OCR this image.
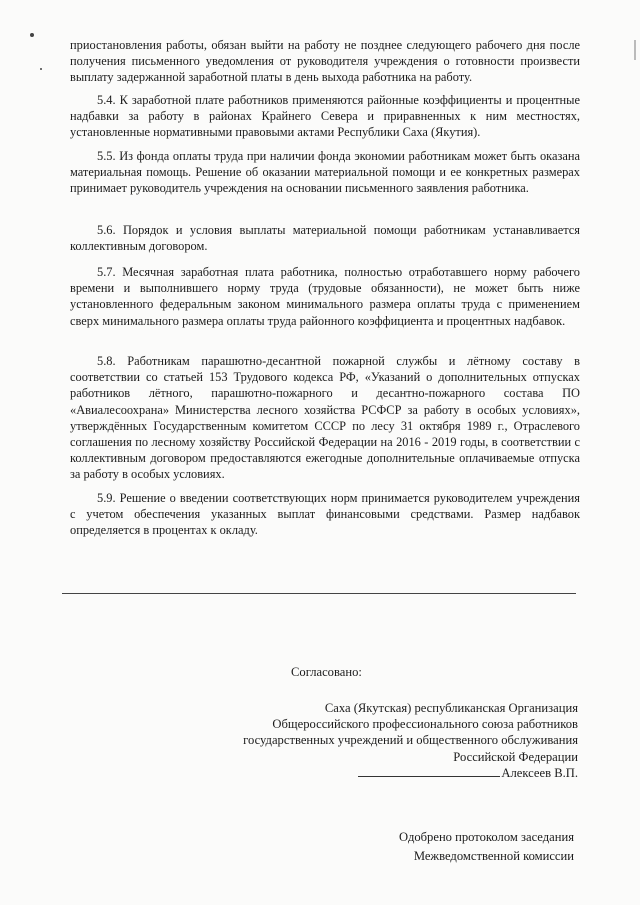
приостановления работы, обязан выйти на работу не позднее следующего рабочего дня после получения письменного уведомления от руководителя учреждения о готовности произвести выплату задержанной заработной платы в день выхода работника на работу.

5.4. К заработной плате работников применяются районные коэффициенты и процентные надбавки за работу в районах Крайнего Севера и приравненных к ним местностях, установленные нормативными правовыми актами Республики Саха (Якутия).

5.5. Из фонда оплаты труда при наличии фонда экономии работникам может быть оказана материальная помощь. Решение об оказании материальной помощи и ее конкретных размерах принимает руководитель учреждения на основании письменного заявления работника.

5.6. Порядок и условия выплаты материальной помощи работникам устанавливается коллективным договором.

5.7. Месячная заработная плата работника, полностью отработавшего норму рабочего времени и выполнившего норму труда (трудовые обязанности), не может быть ниже установленного федеральным законом минимального размера оплаты труда с применением сверх минимального размера оплаты труда районного коэффициента и процентных надбавок.

5.8. Работникам парашютно-десантной пожарной службы и лётному составу в соответствии со статьей 153 Трудового кодекса РФ, «Указаний о дополнительных отпусках работников лётного, парашютно-пожарного и десантно-пожарного состава ПО «Авиалесоохрана» Министерства лесного хозяйства РСФСР за работу в особых условиях», утверждённых Государственным комитетом СССР по лесу 31 октября 1989 г., Отраслевого соглашения по лесному хозяйству Российской Федерации на 2016 - 2019 годы, в соответствии с коллективным договором предоставляются ежегодные дополнительные оплачиваемые отпуска за работу в особых условиях.

5.9. Решение о введении соответствующих норм принимается руководителем учреждения с учетом обеспечения указанных выплат финансовыми средствами. Размер надбавок определяется в процентах к окладу.

Согласовано:
Саха (Якутская) республиканская Организация
Общероссийского профессионального союза работников
государственных учреждений и общественного обслуживания
Российской Федерации
Алексеев В.П.
Одобрено протоколом заседания
Межведомственной комиссии
